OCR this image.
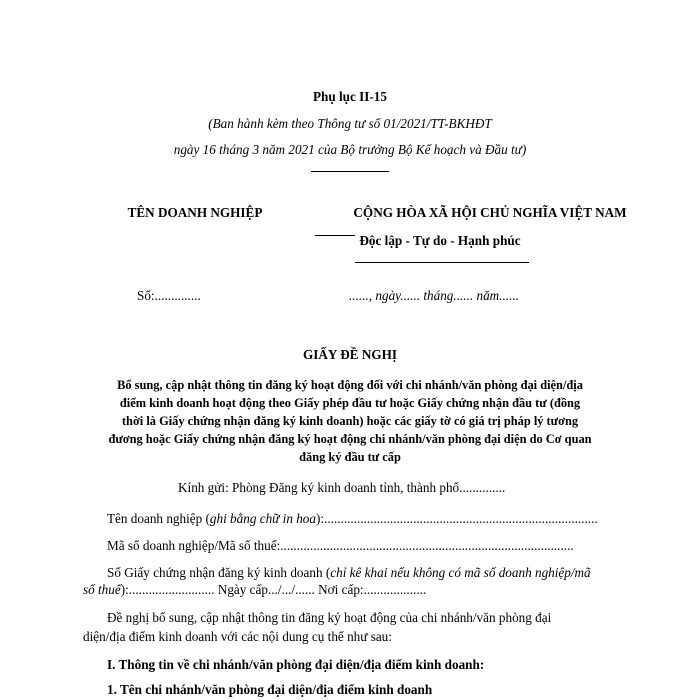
Phụ lục II-15
(Ban hành kèm theo Thông tư số 01/2021/TT-BKHĐT
ngày 16 tháng 3 năm 2021 của Bộ trưởng Bộ Kế hoạch và Đầu tư)
TÊN DOANH NGHIỆP
Số:..............
CỘNG HÒA XÃ HỘI CHỦ NGHĨA VIỆT NAM
Độc lập - Tự do - Hạnh phúc
......, ngày...... tháng...... năm......
GIẤY ĐỀ NGHỊ
Bổ sung, cập nhật thông tin đăng ký hoạt động đối với chi nhánh/văn phòng đại diện/địa
điểm kinh doanh hoạt động theo Giấy phép đầu tư hoặc Giấy chứng nhận đầu tư (đồng
thời là Giấy chứng nhận đăng ký kinh doanh) hoặc các giấy tờ có giá trị pháp lý tương
đương hoặc Giấy chứng nhận đăng ký hoạt động chi nhánh/văn phòng đại diện do Cơ quan
đăng ký đầu tư cấp
Kính gửi: Phòng Đăng ký kinh doanh tỉnh, thành phố..............
Tên doanh nghiệp (ghi bằng chữ in hoa):...................................................................................
Mã số doanh nghiệp/Mã số thuế:.........................................................................................
Số Giấy chứng nhận đăng ký kinh doanh (chỉ kê khai nếu không có mã số doanh nghiệp/mã
số thuế):.......................... Ngày cấp.../.../...... Nơi cấp:...................
Đề nghị bổ sung, cập nhật thông tin đăng ký hoạt động của chi nhánh/văn phòng đại
diện/địa điểm kinh doanh với các nội dung cụ thể như sau:
I. Thông tin về chi nhánh/văn phòng đại diện/địa điểm kinh doanh:
1. Tên chi nhánh/văn phòng đại diện/địa điểm kinh doanh
